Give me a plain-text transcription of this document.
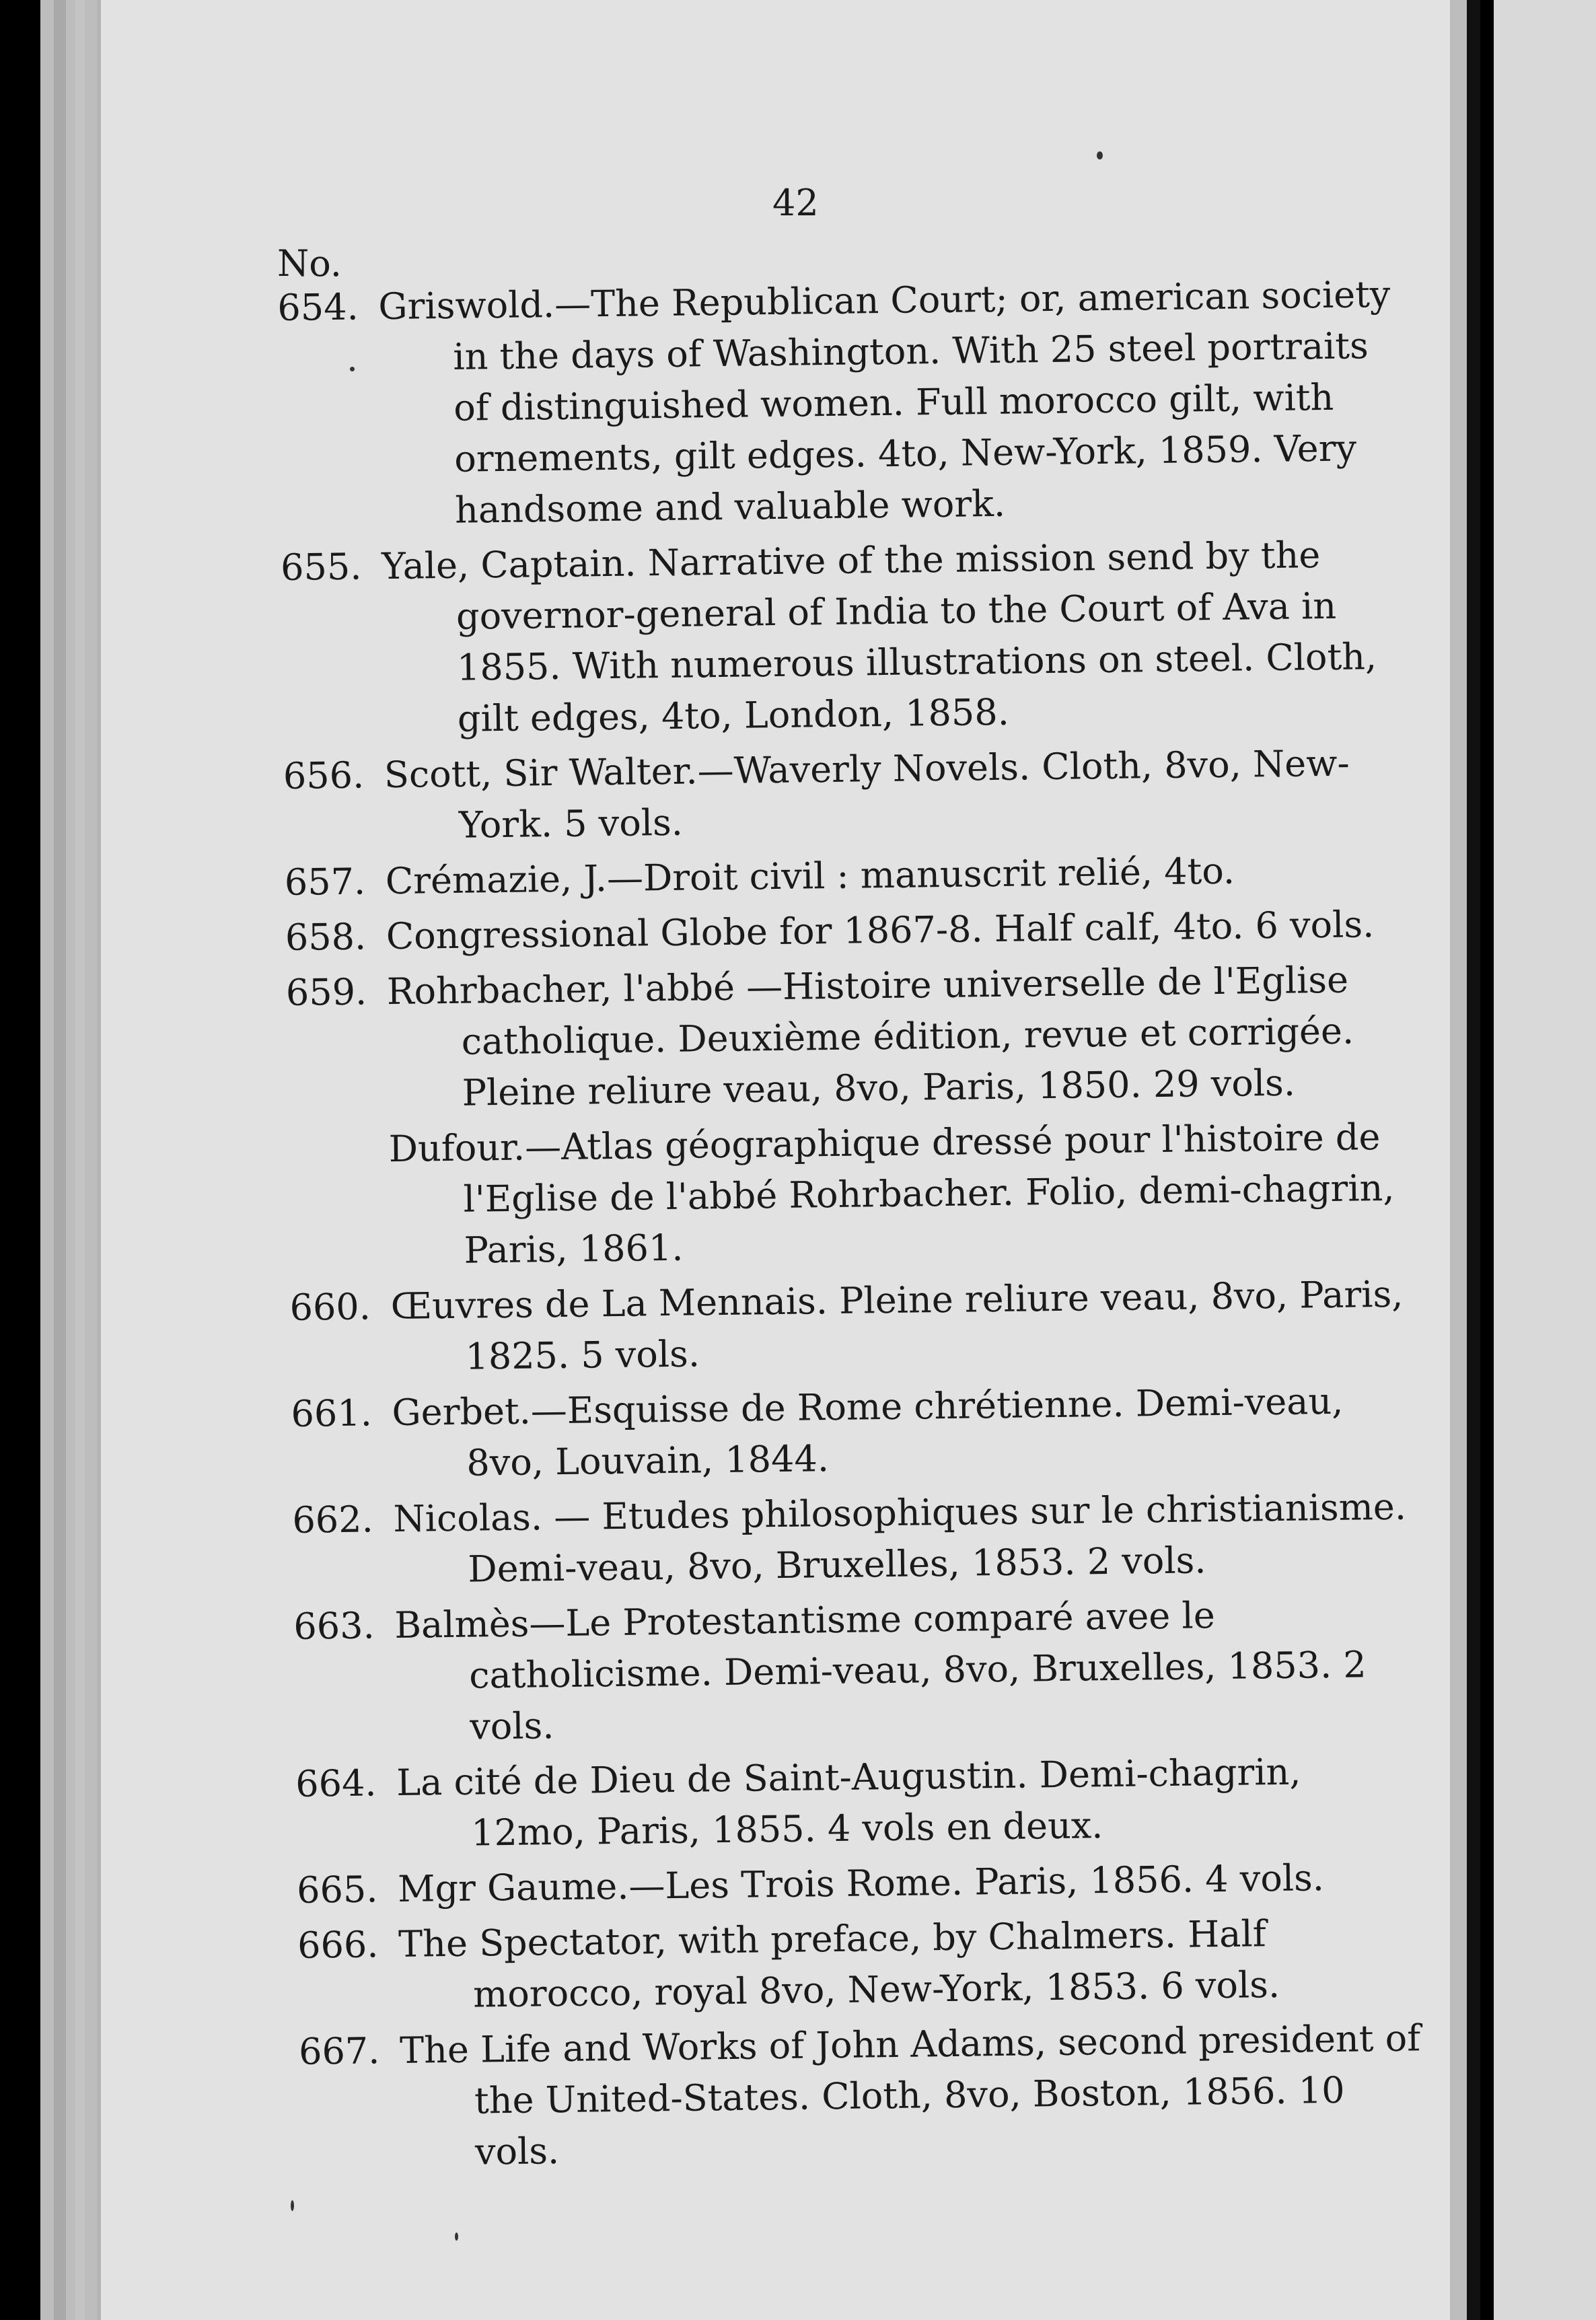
42
No.
654. Griswold.—The Republican Court; or, american society in the days of Washington. With 25 steel portraits of distinguished women. Full morocco gilt, with ornements, gilt edges. 4to, New-York, 1859. Very handsome and valuable work.
655. Yale, Captain. Narrative of the mission send by the governor-general of India to the Court of Ava in 1855. With numerous illustrations on steel. Cloth, gilt edges, 4to, London, 1858.
656. Scott, Sir Walter.—Waverly Novels. Cloth, 8vo, New-York. 5 vols.
657. Crémazie, J.—Droit civil : manuscrit relié, 4to.
658. Congressional Globe for 1867-8. Half calf, 4to. 6 vols.
659. Rohrbacher, l'abbé —Histoire universelle de l'Eglise catholique. Deuxième édition, revue et corrigée. Pleine reliure veau, 8vo, Paris, 1850. 29 vols.
Dufour.—Atlas géographique dressé pour l'histoire de l'Eglise de l'abbé Rohrbacher. Folio, demi-chagrin, Paris, 1861.
660. Œuvres de La Mennais. Pleine reliure veau, 8vo, Paris, 1825. 5 vols.
661. Gerbet.—Esquisse de Rome chrétienne. Demi-veau, 8vo, Louvain, 1844.
662. Nicolas. — Etudes philosophiques sur le christianisme. Demi-veau, 8vo, Bruxelles, 1853. 2 vols.
663. Balmès—Le Protestantisme comparé avee le catholicisme. Demi-veau, 8vo, Bruxelles, 1853. 2 vols.
664. La cité de Dieu de Saint-Augustin. Demi-chagrin, 12mo, Paris, 1855. 4 vols en deux.
665. Mgr Gaume.—Les Trois Rome. Paris, 1856. 4 vols.
666. The Spectator, with preface, by Chalmers. Half morocco, royal 8vo, New-York, 1853. 6 vols.
667. The Life and Works of John Adams, second president of the United-States. Cloth, 8vo, Boston, 1856. 10 vols.
